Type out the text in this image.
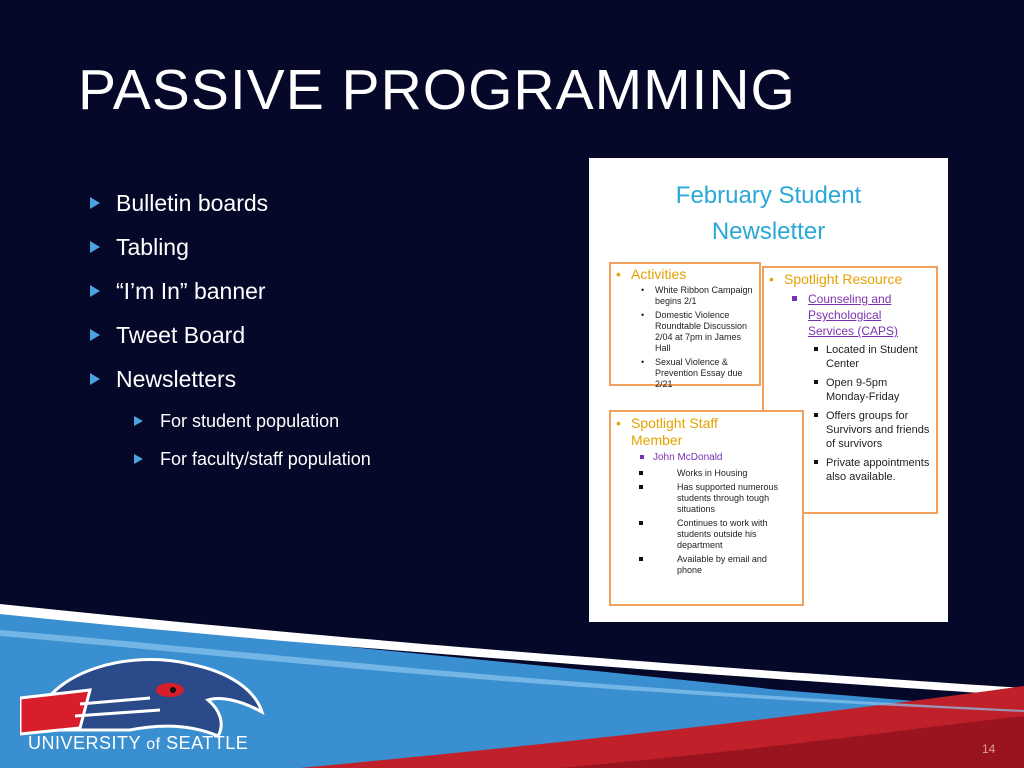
PASSIVE PROGRAMMING
Bulletin boards
Tabling
“I’m In” banner
Tweet Board
Newsletters
For student population
For faculty/staff population
February Student
Newsletter
• Spotlight Resource
Counseling and Psychological Services (CAPS)
Located in Student Center
Open 9-5pm Monday-Friday
Offers groups for Survivors and friends of survivors
Private appointments also available.
• Activities
• White Ribbon Campaign begins 2/1
• Domestic Violence Roundtable Discussion 2/04 at 7pm in James Hall
• Sexual Violence & Prevention Essay due 2/21
• Spotlight Staff
Member
John McDonald
Works in Housing
Has supported numerous students through tough situations
Continues to work with students outside his department
Available by email and phone
UNIVERSITY of SEATTLE	14
